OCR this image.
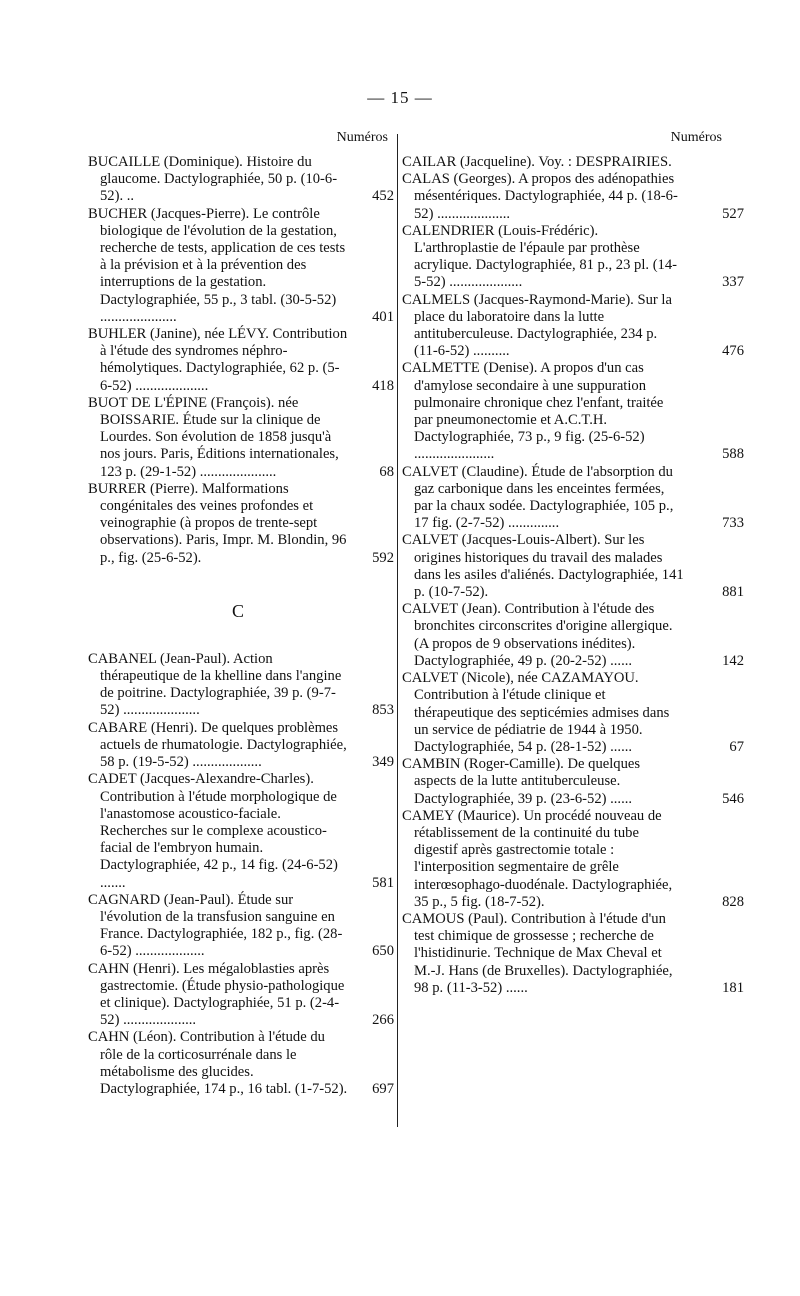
— 15 —
Numéros
BUCAILLE (Dominique). Histoire du glaucome. Dactylographiée, 50 p. (10-6-52). ..	452
BUCHER (Jacques-Pierre). Le contrôle biologique de l'évolution de la gestation, recherche de tests, application de ces tests à la prévision et à la prévention des interruptions de la gestation. Dactylographiée, 55 p., 3 tabl. (30-5-52) .....................	401
BUHLER (Janine), née LÉVY. Contribution à l'étude des syndromes néphro-hémolytiques. Dactylographiée, 62 p. (5-6-52) ....................	418
BUOT DE L'ÉPINE (François). née BOISSARIE. Étude sur la clinique de Lourdes. Son évolution de 1858 jusqu'à nos jours. Paris, Éditions internationales, 123 p. (29-1-52) .....................	68
BURRER (Pierre). Malformations congénitales des veines profondes et veinographie (à propos de trente-sept observations). Paris, Impr. M. Blondin, 96 p., fig. (25-6-52).	592
C
CABANEL (Jean-Paul). Action thérapeutique de la khelline dans l'angine de poitrine. Dactylographiée, 39 p. (9-7-52) .....................	853
CABARE (Henri). De quelques problèmes actuels de rhumatologie. Dactylographiée, 58 p. (19-5-52) ...................	349
CADET (Jacques-Alexandre-Charles). Contribution à l'étude morphologique de l'anastomose acoustico-faciale. Recherches sur le complexe acoustico-facial de l'embryon humain. Dactylographiée, 42 p., 14 fig. (24-6-52) .......	581
CAGNARD (Jean-Paul). Étude sur l'évolution de la transfusion sanguine en France. Dactylographiée, 182 p., fig. (28-6-52) ...................	650
CAHN (Henri). Les mégaloblasties après gastrectomie. (Étude physio-pathologique et clinique). Dactylographiée, 51 p. (2-4-52) ....................	266
CAHN (Léon). Contribution à l'étude du rôle de la corticosurrénale dans le métabolisme des glucides. Dactylographiée, 174 p., 16 tabl. (1-7-52). 697
Numéros
CAILAR (Jacqueline). Voy. : DESPRAIRIES.
CALAS (Georges). A propos des adénopathies mésentériques. Dactylographiée, 44 p. (18-6-52) ....................	527
CALENDRIER (Louis-Frédéric). L'arthroplastie de l'épaule par prothèse acrylique. Dactylographiée, 81 p., 23 pl. (14-5-52) ....................	337
CALMELS (Jacques-Raymond-Marie). Sur la place du laboratoire dans la lutte antituberculeuse. Dactylographiée, 234 p. (11-6-52) ..........	476
CALMETTE (Denise). A propos d'un cas d'amylose secondaire à une suppuration pulmonaire chronique chez l'enfant, traitée par pneumonectomie et A.C.T.H. Dactylographiée, 73 p., 9 fig. (25-6-52) ......................	588
CALVET (Claudine). Étude de l'absorption du gaz carbonique dans les enceintes fermées, par la chaux sodée. Dactylographiée, 105 p., 17 fig. (2-7-52) ..............	733
CALVET (Jacques-Louis-Albert). Sur les origines historiques du travail des malades dans les asiles d'aliénés. Dactylographiée, 141 p. (10-7-52).	881
CALVET (Jean). Contribution à l'étude des bronchites circonscrites d'origine allergique. (A propos de 9 observations inédites). Dactylographiée, 49 p. (20-2-52) ......	142
CALVET (Nicole), née CAZAMAYOU. Contribution à l'étude clinique et thérapeutique des septicémies admises dans un service de pédiatrie de 1944 à 1950. Dactylographiée, 54 p. (28-1-52) ......	67
CAMBIN (Roger-Camille). De quelques aspects de la lutte antituberculeuse. Dactylographiée, 39 p. (23-6-52) ......	546
CAMEY (Maurice). Un procédé nouveau de rétablissement de la continuité du tube digestif après gastrectomie totale : l'interposition segmentaire de grêle interœsophago-duodénale. Dactylographiée, 35 p., 5 fig. (18-7-52).	828
CAMOUS (Paul). Contribution à l'étude d'un test chimique de grossesse ; recherche de l'histidinurie. Technique de Max Cheval et M.-J. Hans (de Bruxelles). Dactylographiée, 98 p. (11-3-52) ......	181
